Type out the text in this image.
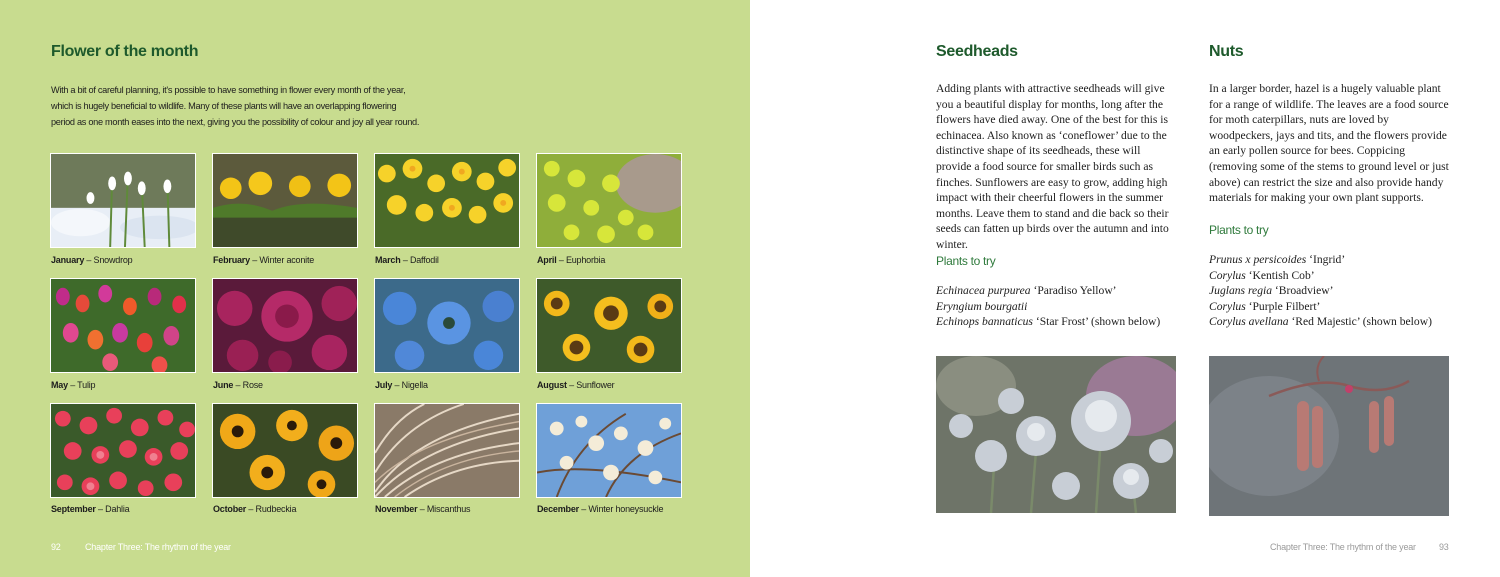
Flower of the month
With a bit of careful planning, it's possible to have something in flower every month of the year, which is hugely beneficial to wildlife. Many of these plants will have an overlapping flowering period as one month eases into the next, giving you the possibility of colour and joy all year round.
January – Snowdrop	February – Winter aconite	March – Daffodil	April – Euphorbia
May – Tulip	June – Rose	July – Nigella	August – Sunflower
September – Dahlia	October – Rudbeckia	November – Miscanthus	December – Winter honeysuckle
92	Chapter Three: The rhythm of the year
Seedheads
Adding plants with attractive seedheads will give you a beautiful display for months, long after the flowers have died away. One of the best for this is echinacea. Also known as ‘coneflower’ due to the distinctive shape of its seedheads, these will provide a food source for smaller birds such as finches. Sunflowers are easy to grow, adding high impact with their cheerful flowers in the summer months. Leave them to stand and die back so their seeds can fatten up birds over the autumn and into winter.
Plants to try
Echinacea purpurea ‘Paradiso Yellow’
Eryngium bourgatii
Echinops bannaticus ‘Star Frost’ (shown below)
Nuts
In a larger border, hazel is a hugely valuable plant for a range of wildlife. The leaves are a food source for moth caterpillars, nuts are loved by woodpeckers, jays and tits, and the flowers provide an early pollen source for bees. Coppicing (removing some of the stems to ground level or just above) can restrict the size and also provide handy materials for making your own plant supports.
Plants to try
Prunus x persicoides ‘Ingrid’
Corylus ‘Kentish Cob’
Juglans regia ‘Broadview’
Corylus ‘Purple Filbert’
Corylus avellana ‘Red Majestic’ (shown below)
Chapter Three: The rhythm of the year	93
